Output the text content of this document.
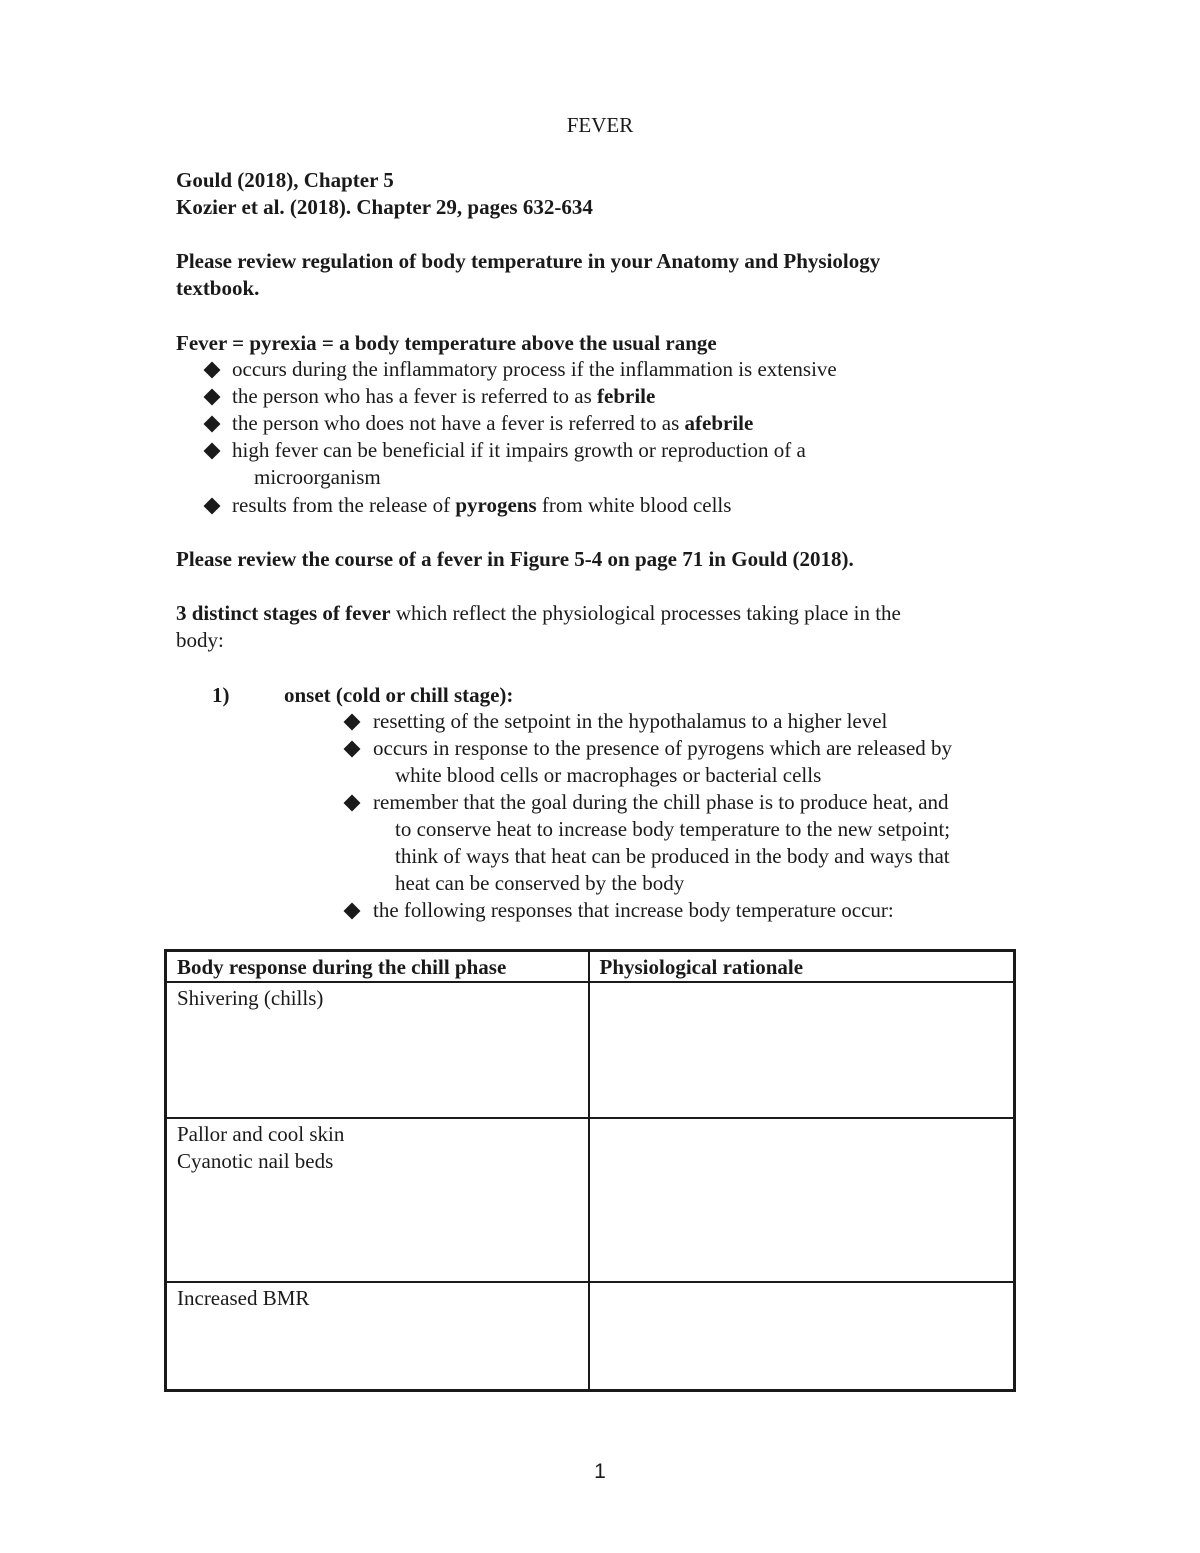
FEVER
Gould (2018), Chapter 5
Kozier et al. (2018). Chapter 29, pages 632-634
Please review regulation of body temperature in your Anatomy and Physiology
textbook.
Fever = pyrexia = a body temperature above the usual range
occurs during the inflammatory process if the inflammation is extensive
the person who has a fever is referred to as febrile
the person who does not have a fever is referred to as afebrile
high fever can be beneficial if it impairs growth or reproduction of a
microorganism
results from the release of pyrogens from white blood cells
Please review the course of a fever in Figure 5-4 on page 71 in Gould (2018).
3 distinct stages of fever which reflect the physiological processes taking place in the
body:
1)	onset (cold or chill stage):
resetting of the setpoint in the hypothalamus to a higher level
occurs in response to the presence of pyrogens which are released by
white blood cells or macrophages or bacterial cells
remember that the goal during the chill phase is to produce heat, and
to conserve heat to increase body temperature to the new setpoint;
think of ways that heat can be produced in the body and ways that
heat can be conserved by the body
the following responses that increase body temperature occur:
Body response during the chill phase	Physiological rationale

Shivering (chills)	

Pallor and cool skin
Cyanotic nail beds	

Increased BMR	

1
